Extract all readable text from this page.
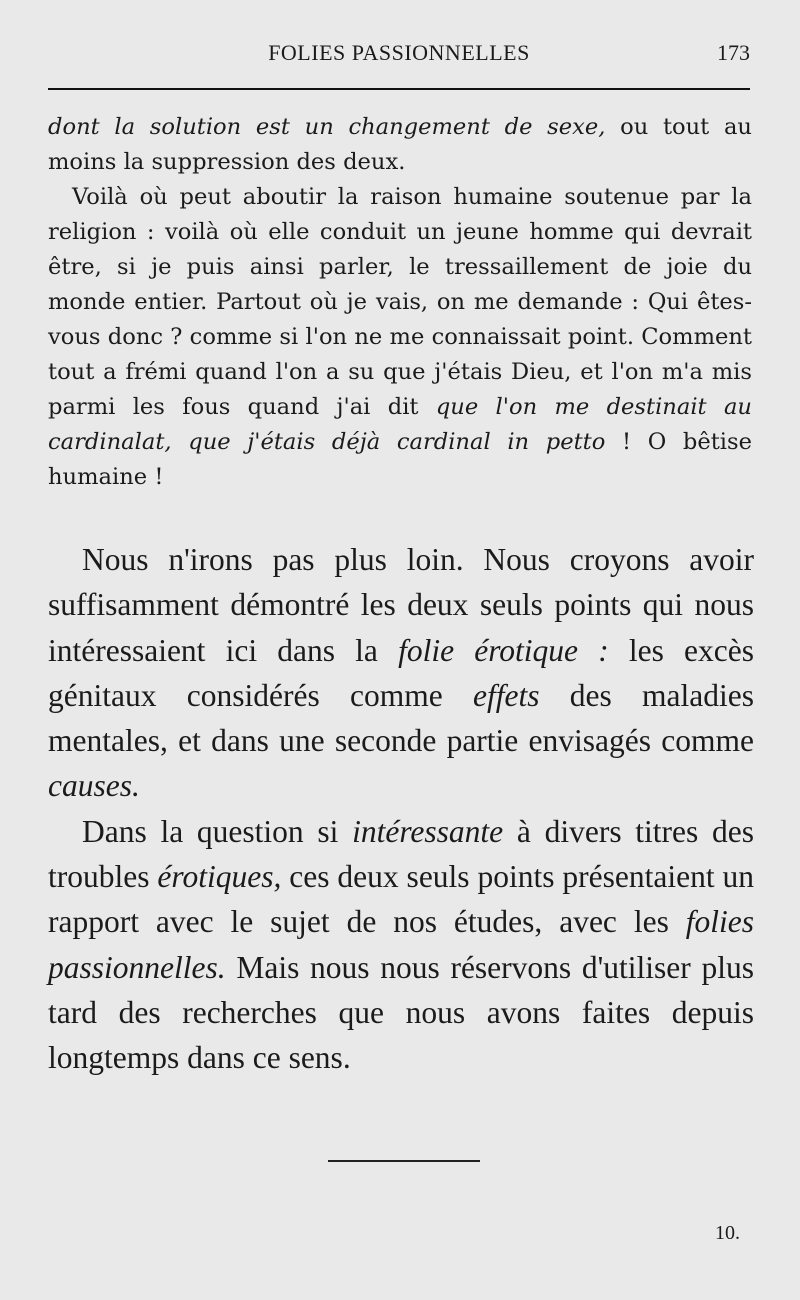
FOLIES PASSIONNELLES	173

dont la solution est un changement de sexe, ou tout au moins la suppression des deux.

Voilà où peut aboutir la raison humaine soutenue par la religion : voilà où elle conduit un jeune homme qui devrait être, si je puis ainsi parler, le tressaillement de joie du monde entier. Partout où je vais, on me demande : Qui êtes-vous donc ? comme si l'on ne me connaissait point. Comment tout a frémi quand l'on a su que j'étais Dieu, et l'on m'a mis parmi les fous quand j'ai dit que l'on me destinait au cardinalat, que j'étais déjà cardinal in petto ! O bêtise humaine !

Nous n'irons pas plus loin. Nous croyons avoir suffisamment démontré les deux seuls points qui nous intéressaient ici dans la folie érotique : les excès génitaux considérés comme effets des maladies mentales, et dans une seconde partie envisagés comme causes.

Dans la question si intéressante à divers titres des troubles érotiques, ces deux seuls points présentaient un rapport avec le sujet de nos études, avec les folies passionnelles. Mais nous nous réservons d'utiliser plus tard des recherches que nous avons faites depuis longtemps dans ce sens.

10.
